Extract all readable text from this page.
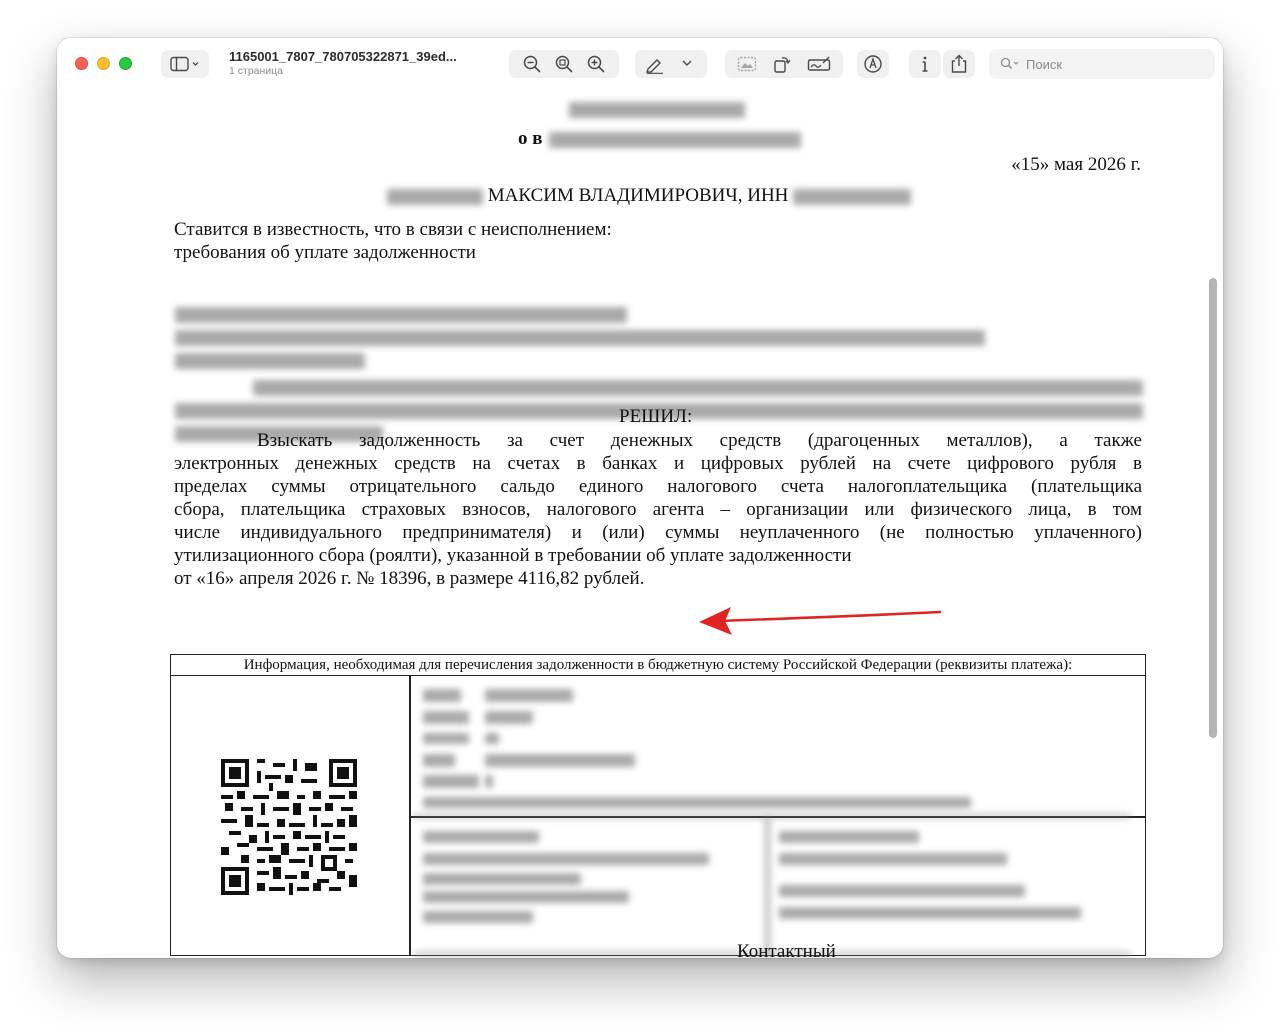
1165001_7807_780705322871_39ed...
1 страница	Поиск
о в
«15» мая 2026 г.
МАКСИМ ВЛАДИМИРОВИЧ, ИНН
Ставится в известность, что в связи с неисполнением:
требования об уплате задолженности
РЕШИЛ:
Взыскать задолженность за счет денежных средств (драгоценных металлов), а также
электронных денежных средств на счетах в банках и цифровых рублей на счете цифрового рубля в
пределах суммы отрицательного сальдо единого налогового счета налогоплательщика (плательщика
сбора, плательщика страховых взносов, налогового агента – организации или физического лица, в том
числе индивидуального предпринимателя) и (или) суммы неуплаченного (не полностью уплаченного)
утилизационного сбора (роялти), указанной в требовании об уплате задолженности
от «16» апреля 2026 г. № 18396, в размере 4116,82 рублей.
Информация, необходимая для перечисления задолженности в бюджетную систему Российской Федерации (реквизиты платежа):
Контактный
